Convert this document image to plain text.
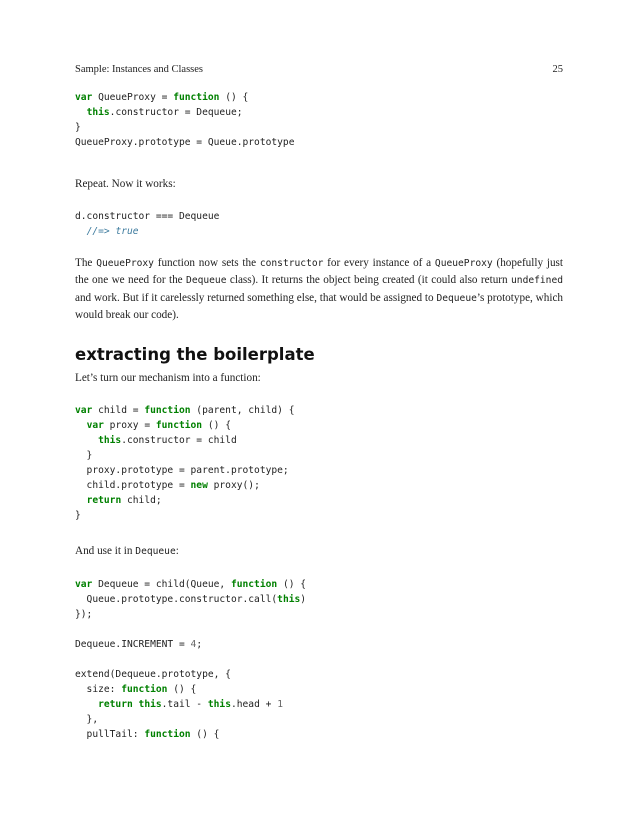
Sample: Instances and Classes	25
var QueueProxy = function () {
this.constructor = Dequeue;
}
QueueProxy.prototype = Queue.prototype

Repeat. Now it works:

d.constructor === Dequeue
//=> true

The QueueProxy function now sets the constructor for every instance of a QueueProxy (hopefully just the one we need for the Dequeue class). It returns the object being created (it could also return undefined and work. But if it carelessly returned something else, that would be assigned to Dequeue’s prototype, which would break our code).

extracting the boilerplate

Let’s turn our mechanism into a function:

var child = function (parent, child) {
var proxy = function () {
this.constructor = child
}
proxy.prototype = parent.prototype;
child.prototype = new proxy();
return child;
}

And use it in Dequeue:

var Dequeue = child(Queue, function () {
Queue.prototype.constructor.call(this)
});

Dequeue.INCREMENT = 4;

extend(Dequeue.prototype, {
size: function () {
return this.tail - this.head + 1
},
pullTail: function () {
